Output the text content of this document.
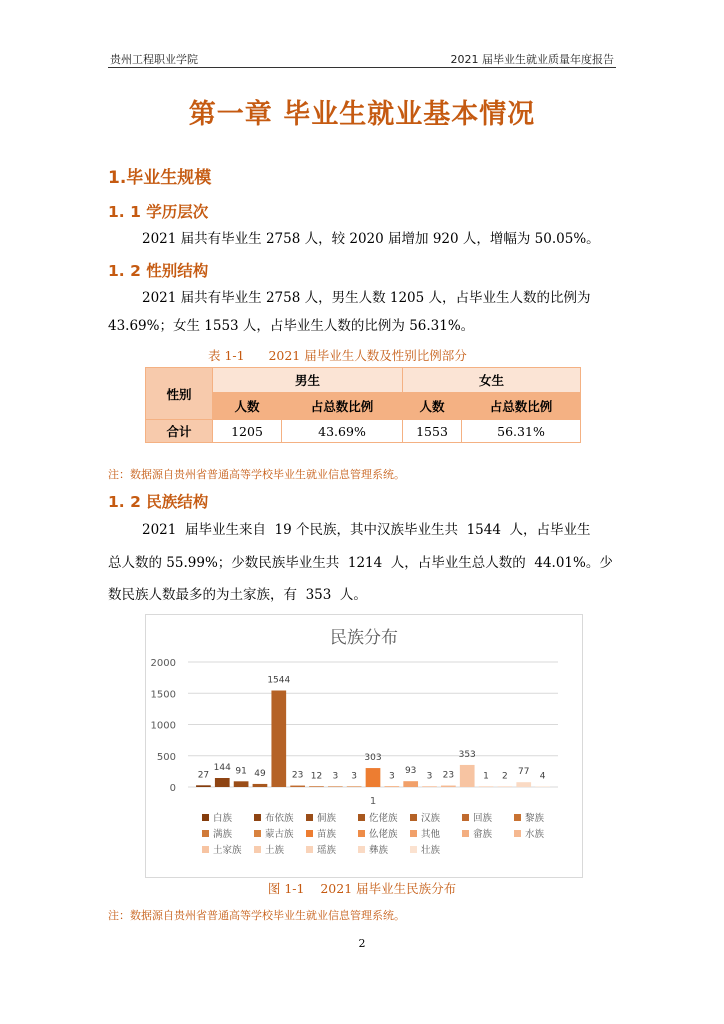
贵州工程职业学院	2021 届毕业生就业质量年度报告
第一章 毕业生就业基本情况
1.毕业生规模
1. 1 学历层次
2021 届共有毕业生 2758 人，较 2020 届增加 920 人，增幅为 50.05%。
1. 2 性别结构
2021 届共有毕业生 2758 人，男生人数 1205 人，占毕业生人数的比例为
43.69%；女生 1553 人，占毕业生人数的比例为 56.31%。
表 1-1      2021 届毕业生人数及性别比例部分
性别	男生		女生	
	人数	占总数比例	人数	占总数比例
合计	1205	43.69%	1553	56.31%
注：数据源自贵州省普通高等学校毕业生就业信息管理系统。
1. 2 民族结构
2021  届毕业生来自  19 个民族，其中汉族毕业生共  1544  人，占毕业生
总人数的 55.99%；少数民族毕业生共  1214  人，占毕业生总人数的  44.01%。少
数民族人数最多的为土家族，有  353  人。
民族分布
0
500
1000
1500
2000
27
144 91 49
1544
23 12 3 3
303
3
93
3 23
353
1 2 77 4
1
白族	布依族 侗族	仡佬族 汉族	回族	黎族
满族	蒙古族 苗族	仫佬族 其他	畲族	水族
土家族 土族	瑶族	彝族	壮族
图 1-1    2021 届毕业生民族分布
注：数据源自贵州省普通高等学校毕业生就业信息管理系统。
2
